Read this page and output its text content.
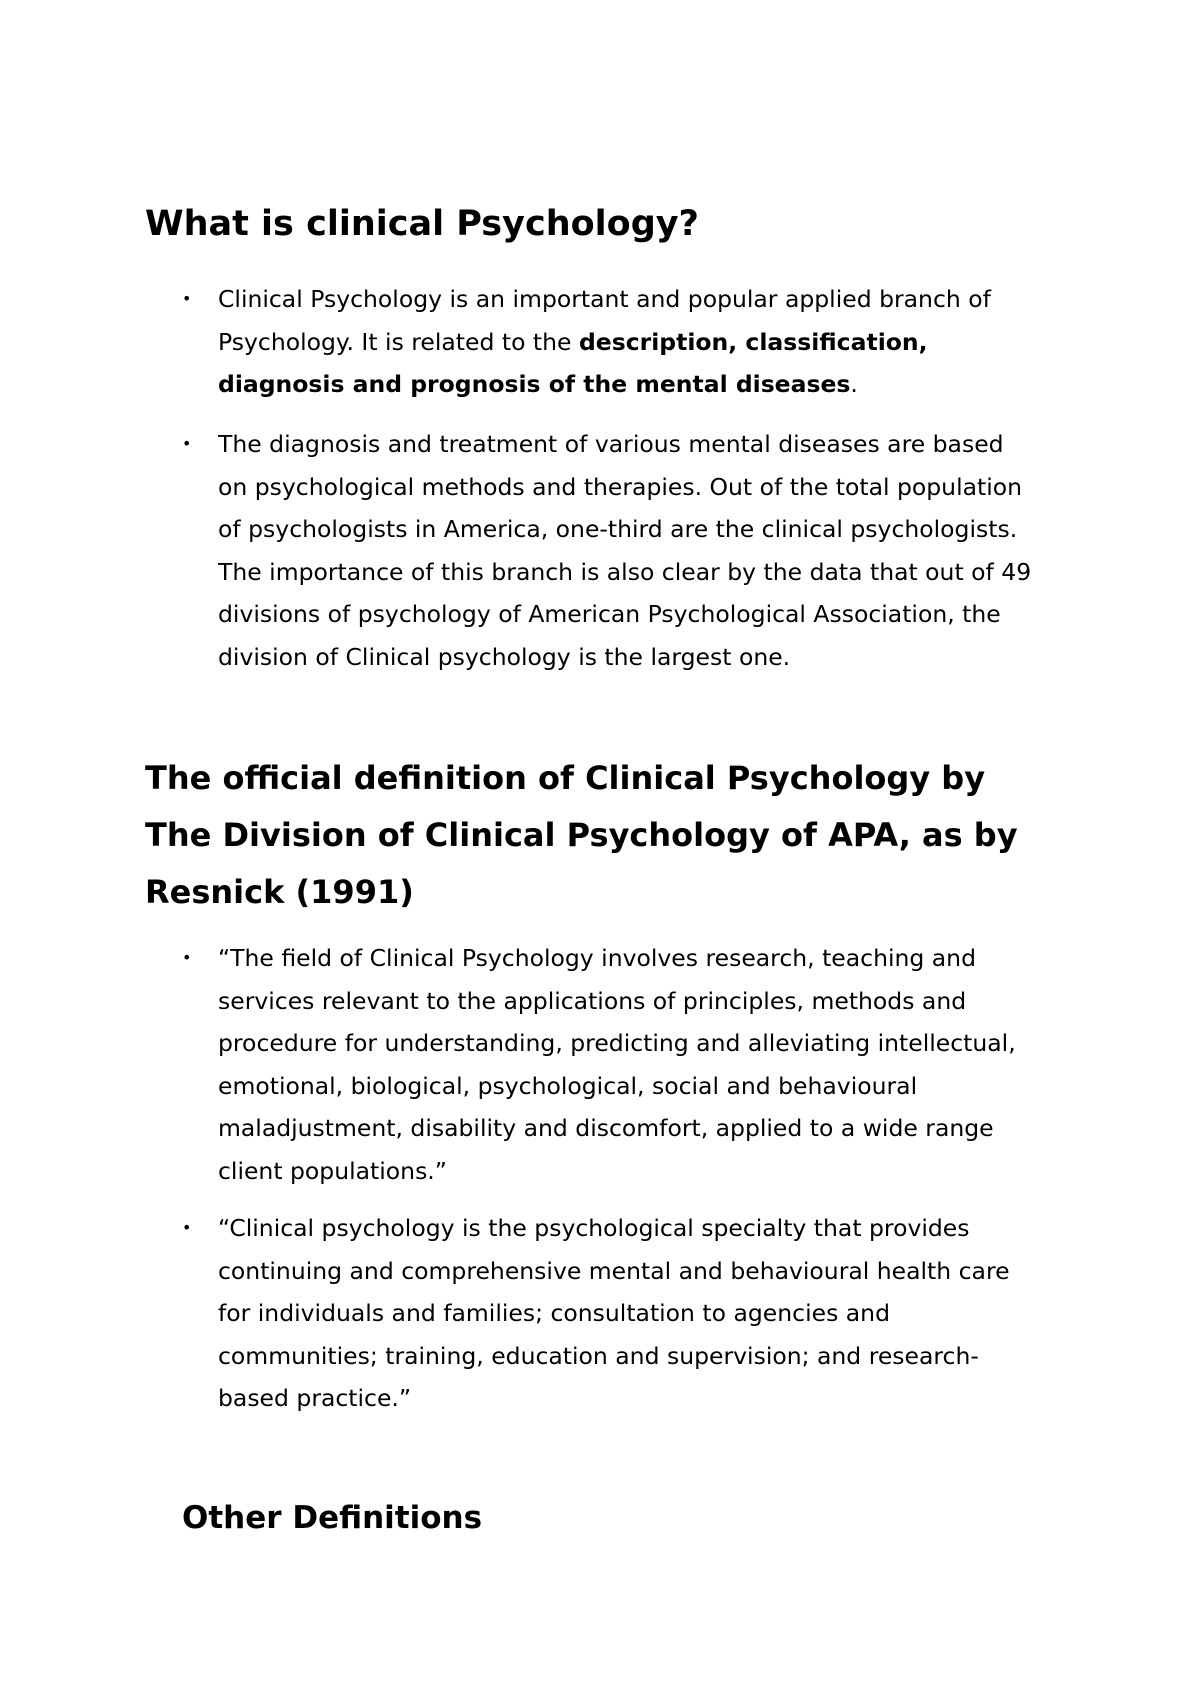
What is clinical Psychology?
• Clinical Psychology is an important and popular applied branch of
Psychology. It is related to the description, classification,
diagnosis and prognosis of the mental diseases.
• The diagnosis and treatment of various mental diseases are based
on psychological methods and therapies. Out of the total population
of psychologists in America, one-third are the clinical psychologists.
The importance of this branch is also clear by the data that out of 49
divisions of psychology of American Psychological Association, the
division of Clinical psychology is the largest one.
The official definition of Clinical Psychology by
The Division of Clinical Psychology of APA, as by
Resnick (1991)
• “The field of Clinical Psychology involves research, teaching and
services relevant to the applications of principles, methods and
procedure for understanding, predicting and alleviating intellectual,
emotional, biological, psychological, social and behavioural
maladjustment, disability and discomfort, applied to a wide range
client populations.”
• “Clinical psychology is the psychological specialty that provides
continuing and comprehensive mental and behavioural health care
for individuals and families; consultation to agencies and
communities; training, education and supervision; and research-
based practice.”
Other Definitions
